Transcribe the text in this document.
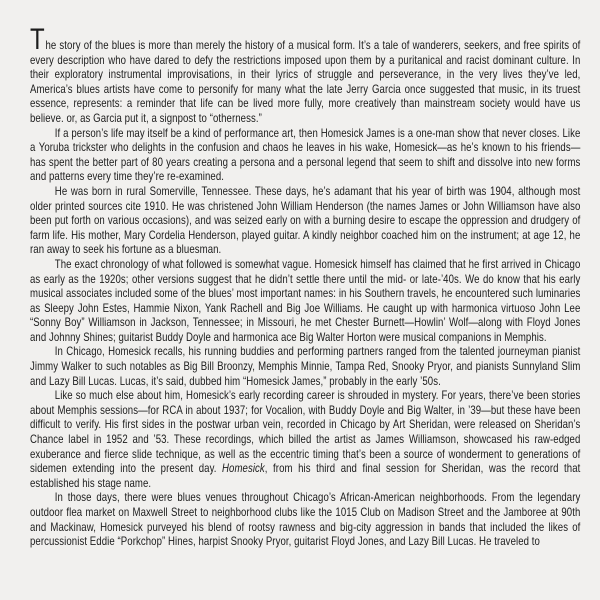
The story of the blues is more than merely the history of a musical form. It’s a tale of wanderers, seekers, and free spirits of every description who have dared to defy the restrictions imposed upon them by a puritanical and racist dominant culture. In their exploratory instrumental improvisations, in their lyrics of struggle and perseverance, in the very lives they’ve led, America’s blues artists have come to personify for many what the late Jerry Garcia once suggested that music, in its truest essence, represents: a reminder that life can be lived more fully, more creatively than mainstream society would have us believe. or, as Garcia put it, a signpost to “otherness.”

If a person’s life may itself be a kind of performance art, then Homesick James is a one-man show that never closes. Like a Yoruba trickster who delights in the confusion and chaos he leaves in his wake, Homesick—as he’s known to his friends—has spent the better part of 80 years creating a persona and a personal legend that seem to shift and dissolve into new forms and patterns every time they’re re-examined.

He was born in rural Somerville, Tennessee. These days, he’s adamant that his year of birth was 1904, although most older printed sources cite 1910. He was christened John William Henderson (the names James or John Williamson have also been put forth on various occasions), and was seized early on with a burning desire to escape the oppression and drudgery of farm life. His mother, Mary Cordelia Henderson, played guitar. A kindly neighbor coached him on the instrument; at age 12, he ran away to seek his fortune as a bluesman.

The exact chronology of what followed is somewhat vague. Homesick himself has claimed that he first arrived in Chicago as early as the 1920s; other versions suggest that he didn’t settle there until the mid- or late-’40s. We do know that his early musical associates included some of the blues’ most important names: in his Southern travels, he encountered such luminaries as Sleepy John Estes, Hammie Nixon, Yank Rachell and Big Joe Williams. He caught up with harmonica virtuoso John Lee “Sonny Boy” Williamson in Jackson, Tennessee; in Missouri, he met Chester Burnett—Howlin’ Wolf—along with Floyd Jones and Johnny Shines; guitarist Buddy Doyle and harmonica ace Big Walter Horton were musical companions in Memphis.

In Chicago, Homesick recalls, his running buddies and performing partners ranged from the talented journeyman pianist Jimmy Walker to such notables as Big Bill Broonzy, Memphis Minnie, Tampa Red, Snooky Pryor, and pianists Sunnyland Slim and Lazy Bill Lucas. Lucas, it’s said, dubbed him “Homesick James,” probably in the early ’50s.

Like so much else about him, Homesick’s early recording career is shrouded in mystery. For years, there’ve been stories about Memphis sessions—for RCA in about 1937; for Vocalion, with Buddy Doyle and Big Walter, in ’39—but these have been difficult to verify. His first sides in the postwar urban vein, recorded in Chicago by Art Sheridan, were released on Sheridan’s Chance label in 1952 and ’53. These recordings, which billed the artist as James Williamson, showcased his raw-edged exuberance and fierce slide technique, as well as the eccentric timing that’s been a source of wonderment to generations of sidemen extending into the present day. Homesick, from his third and final session for Sheridan, was the record that established his stage name.

In those days, there were blues venues throughout Chicago’s African-American neighborhoods. From the legendary outdoor flea market on Maxwell Street to neighborhood clubs like the 1015 Club on Madison Street and the Jamboree at 90th and Mackinaw, Homesick purveyed his blend of rootsy rawness and big-city aggression in bands that included the likes of percussionist Eddie “Porkchop” Hines, harpist Snooky Pryor, guitarist Floyd Jones, and Lazy Bill Lucas. He traveled to
